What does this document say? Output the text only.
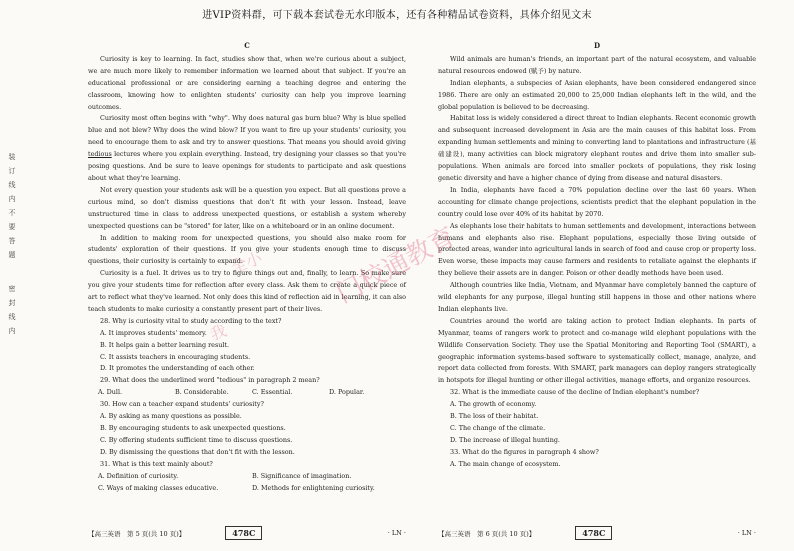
进VIP资料群，可下载本套试卷无水印版本，还有各种精品试卷资料，具体介绍见文末
装
订
线
内
不
要
答
题
密
封
线
内
C

Curiosity is key to learning. In fact, studies show that, when we're curious about a subject, we are much more likely to remember information we learned about that subject. If you're an educational professional or are considering earning a teaching degree and entering the classroom, knowing how to enlighten students' curiosity can help you improve learning outcomes.

Curiosity most often begins with "why". Why does natural gas burn blue? Why is blue spelled blue and not blew? Why does the wind blow? If you want to fire up your students' curiosity, you need to encourage them to ask and try to answer questions. That means you should avoid giving tedious lectures where you explain everything. Instead, try designing your classes so that you're posing questions. And be sure to leave openings for students to participate and ask questions about what they're learning.

Not every question your students ask will be a question you expect. But all questions prove a curious mind, so don't dismiss questions that don't fit with your lesson. Instead, leave unstructured time in class to address unexpected questions, or establish a system whereby unexpected questions can be "stored" for later, like on a whiteboard or in an online document.

In addition to making room for unexpected questions, you should also make room for students' exploration of their questions. If you give your students enough time to discuss questions, their curiosity is certainly to expand.

Curiosity is a fuel. It drives us to try to figure things out and, finally, to learn. So make sure you give your students time for reflection after every class. Ask them to create a quick piece of art to reflect what they've learned. Not only does this kind of reflection aid in learning, it can also teach students to make curiosity a constantly present part of their lives.

28. Why is curiosity vital to study according to the text?

A. It improves students' memory.

B. It helps gain a better learning result.

C. It assists teachers in encouraging students.

D. It promotes the understanding of each other.

29. What does the underlined word "tedious" in paragraph 2 mean?

A. Dull.	B. Considerable.	C. Essential.	D. Popular.

30. How can a teacher expand students' curiosity?

A. By asking as many questions as possible.

B. By encouraging students to ask unexpected questions.

C. By offering students sufficient time to discuss questions.

D. By dismissing the questions that don't fit with the lesson.

31. What is this text mainly about?

A. Definition of curiosity.	B. Significance of imagination.
C. Ways of making classes educative.	D. Methods for enlightening curiosity.
D

Wild animals are human's friends, an important part of the natural ecosystem, and valuable natural resources endowed (赋予) by nature.

Indian elephants, a subspecies of Asian elephants, have been considered endangered since 1986. There are only an estimated 20,000 to 25,000 Indian elephants left in the wild, and the global population is believed to be decreasing.

Habitat loss is widely considered a direct threat to Indian elephants. Recent economic growth and subsequent increased development in Asia are the main causes of this habitat loss. From expanding human settlements and mining to converting land to plantations and infrastructure (基础建设), many activities can block migratory elephant routes and drive them into smaller sub-populations. When animals are forced into smaller pockets of populations, they risk losing genetic diversity and have a higher chance of dying from disease and natural disasters.

In India, elephants have faced a 70% population decline over the last 60 years. When accounting for climate change projections, scientists predict that the elephant population in the country could lose over 40% of its habitat by 2070.

As elephants lose their habitats to human settlements and development, interactions between humans and elephants also rise. Elephant populations, especially those living outside of protected areas, wander into agricultural lands in search of food and cause crop or property loss. Even worse, these impacts may cause farmers and residents to retaliate against the elephants if they believe their assets are in danger. Poison or other deadly methods have been used.

Although countries like India, Vietnam, and Myanmar have completely banned the capture of wild elephants for any purpose, illegal hunting still happens in those and other nations where Indian elephants live.

Countries around the world are taking action to protect Indian elephants. In parts of Myanmar, teams of rangers work to protect and co-manage wild elephant populations with the Wildlife Conservation Society. They use the Spatial Monitoring and Reporting Tool (SMART), a geographic information systems-based software to systematically collect, manage, analyze, and report data collected from forests. With SMART, park managers can deploy rangers strategically in hotspots for illegal hunting or other illegal activities, manage efforts, and organize resources.

32. What is the immediate cause of the decline of Indian elephant's number?

A. The growth of economy.

B. The loss of their habitat.

C. The change of the climate.

D. The increase of illegal hunting.

33. What do the figures in paragraph 4 show?

A. The main change of ecosystem.

门校通教育
全小
我
【高三英语　第 5 页(共 10 页)】	478C	· LN ·	【高三英语　第 6 页(共 10 页)】	478C	· LN ·
